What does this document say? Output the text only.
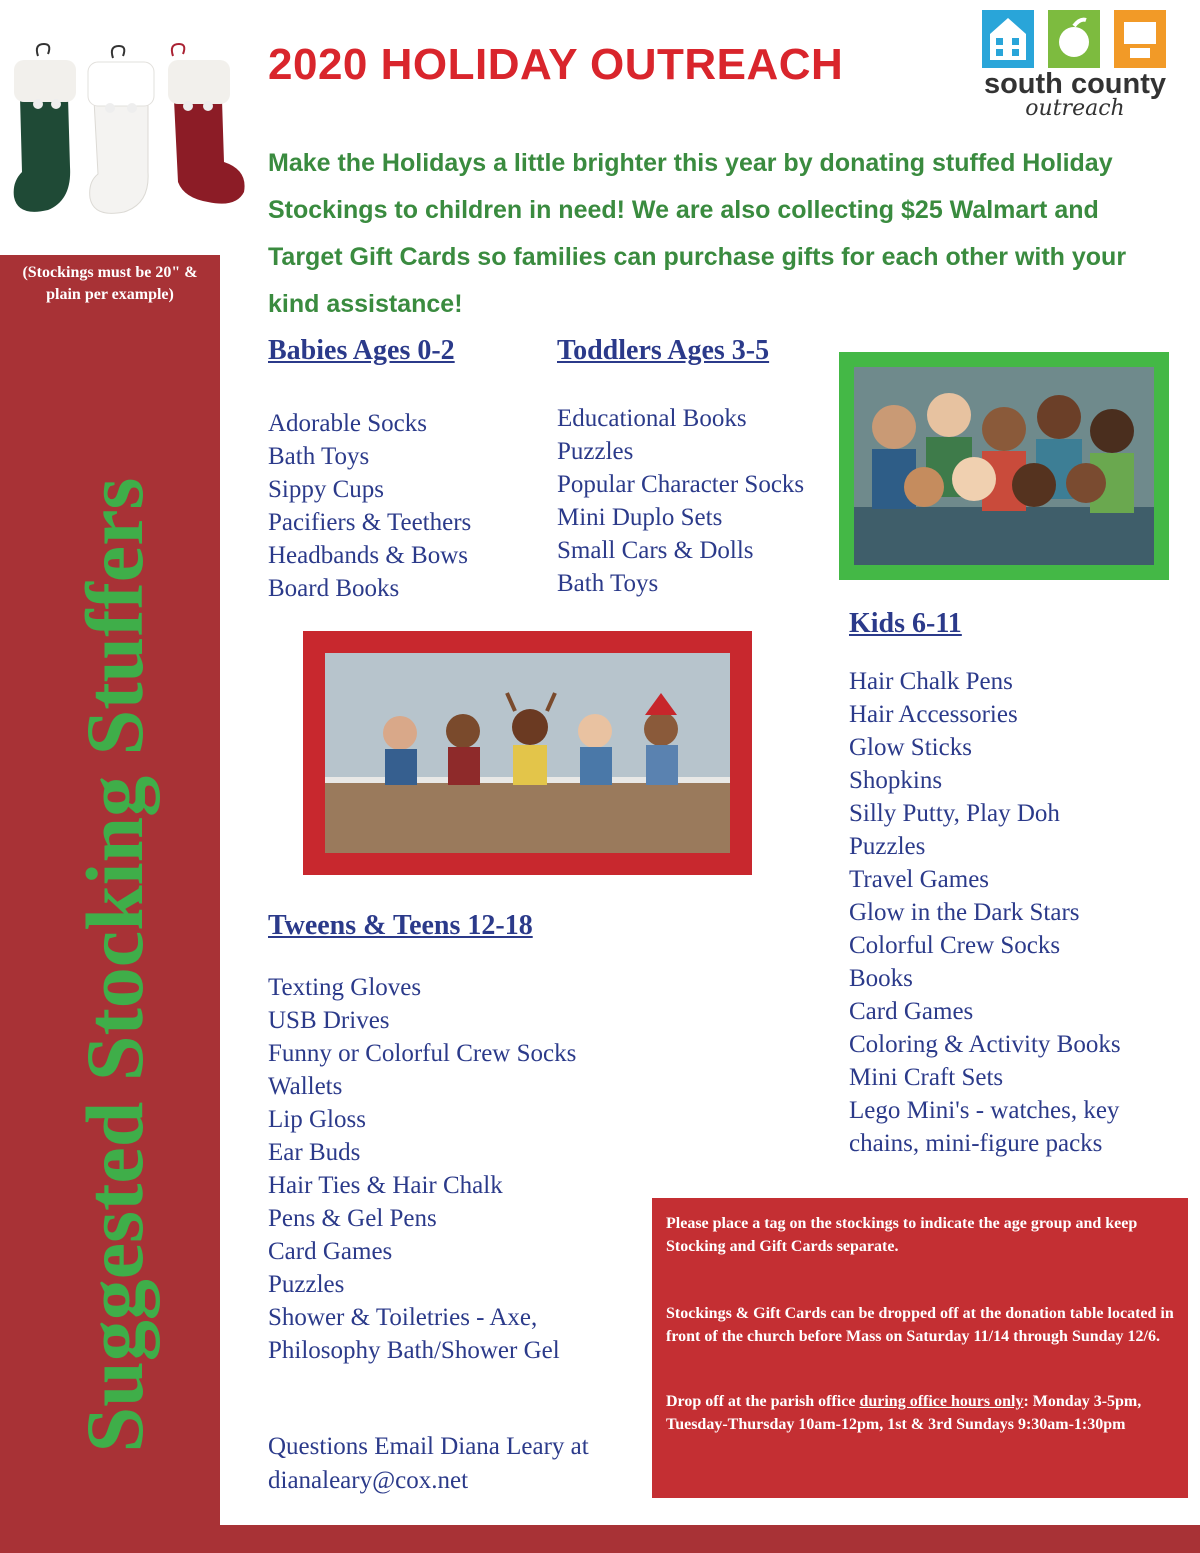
(Stockings must be 20" & plain per example)
Suggested Stocking Stuffers
2020 HOLIDAY OUTREACH

Make the Holidays a little brighter this year by donating stuffed Holiday Stockings to children in need! We are also collecting $25 Walmart and Target Gift Cards so families can purchase gifts for each other with your kind assistance!

south county
outreach
Babies Ages 0-2
Adorable Socks
Bath Toys
Sippy Cups
Pacifiers & Teethers
Headbands & Bows
Board Books
Toddlers Ages 3-5
Educational Books
Puzzles
Popular Character Socks
Mini Duplo Sets
Small Cars & Dolls
Bath Toys
Kids 6-11
Hair Chalk Pens
Hair Accessories
Glow Sticks
Shopkins
Silly Putty, Play Doh
Puzzles
Travel Games
Glow in the Dark Stars
Colorful Crew Socks
Books
Card Games
Coloring & Activity Books
Mini Craft Sets
Lego Mini's - watches, key chains, mini-figure packs
Tweens & Teens 12-18
Texting Gloves
USB Drives
Funny or Colorful Crew Socks
Wallets
Lip Gloss
Ear Buds
Hair Ties & Hair Chalk
Pens & Gel Pens
Card Games
Puzzles
Shower & Toiletries - Axe, Philosophy Bath/Shower Gel

Please place a tag on the stockings to indicate the age group and keep Stocking and Gift Cards separate.

Stockings & Gift Cards can be dropped off at the donation table located in front of the church before Mass on Saturday 11/14 through Sunday 12/6.

Drop off at the parish office during office hours only: Monday 3-5pm, Tuesday-Thursday 10am-12pm, 1st & 3rd Sundays 9:30am-1:30pm

Questions Email Diana Leary at
dianaleary@cox.net
